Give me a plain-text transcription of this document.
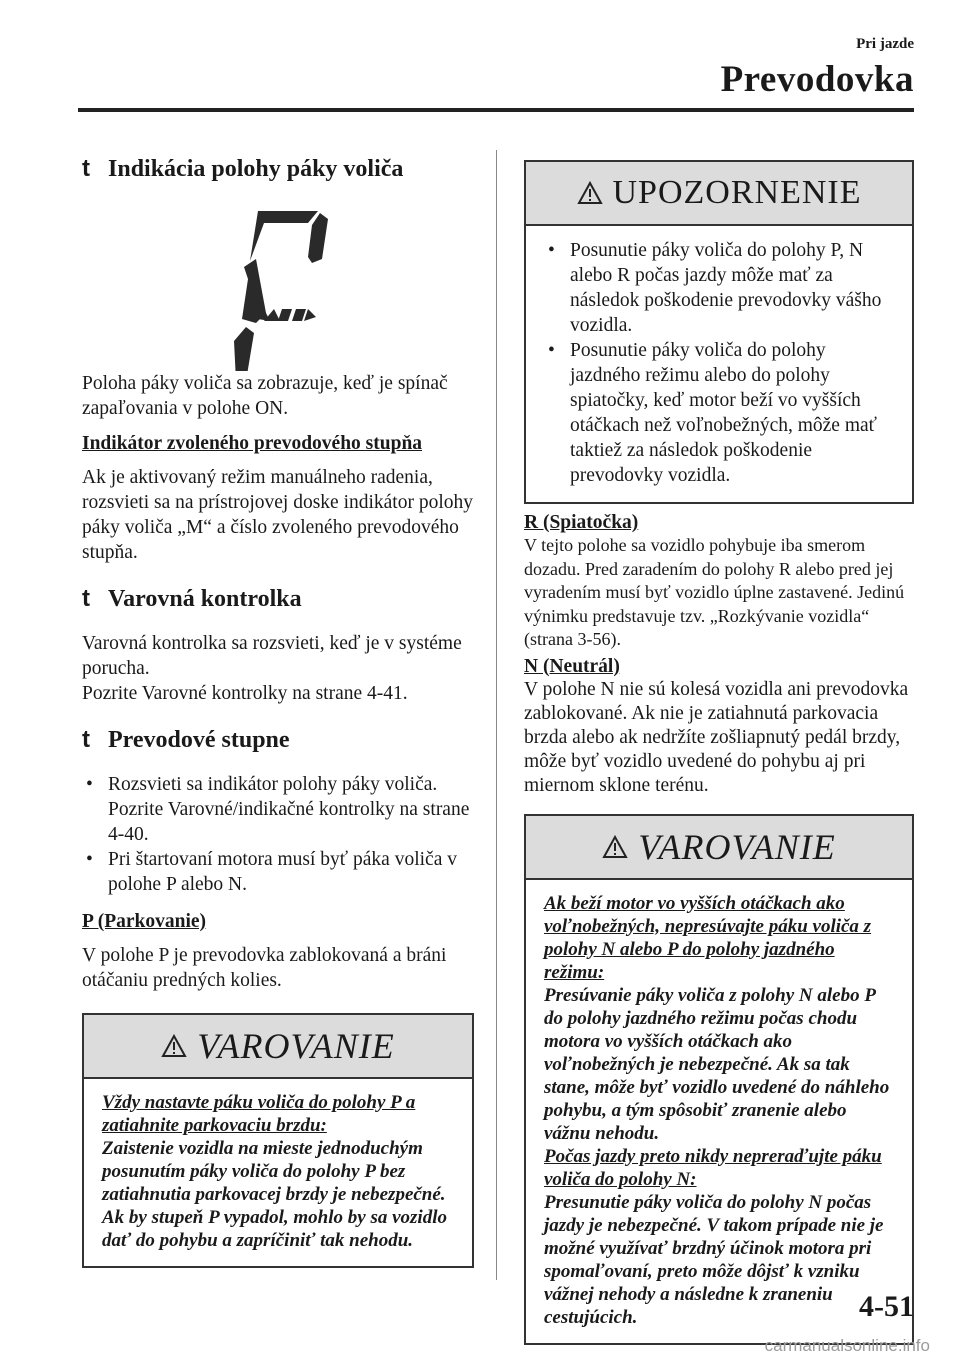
Pri jazde
Prevodovka
t Indikácia polohy páky voliča

Poloha páky voliča sa zobrazuje, keď je spínač zapaľovania v polohe ON.

Indikátor zvoleného prevodového stupňa

Ak je aktivovaný režim manuálneho radenia, rozsvieti sa na prístrojovej doske indikátor polohy páky voliča „M“ a číslo zvoleného prevodového stupňa.

t Varovná kontrolka

Varovná kontrolka sa rozsvieti, keď je v systéme porucha.

Pozrite Varovné kontrolky na strane 4-41.

t Prevodové stupne
• Rozsvieti sa indikátor polohy páky voliča. Pozrite Varovné/indikačné kontrolky na strane 4-40.
• Pri štartovaní motora musí byť páka voliča v polohe P alebo N.
P (Parkovanie)

V polohe P je prevodovka zablokovaná a bráni otáčaniu predných kolies.

VAROVANIE
Vždy nastavte páku voliča do polohy P a zatiahnite parkovaciu brzdu:
Zaistenie vozidla na mieste jednoduchým posunutím páky voliča do polohy P bez zatiahnutia parkovacej brzdy je nebezpečné. Ak by stupeň P vypadol, mohlo by sa vozidlo dať do pohybu a zapríčiniť tak nehodu.
UPOZORNENIE
• Posunutie páky voliča do polohy P, N alebo R počas jazdy môže mať za následok poškodenie prevodovky vášho vozidla.
• Posunutie páky voliča do polohy jazdného režimu alebo do polohy spiatočky, keď motor beží vo vyšších otáčkach než voľnobežných, môže mať taktiež za následok poškodenie prevodovky vozidla.
R (Spiatočka)

V tejto polohe sa vozidlo pohybuje iba smerom dozadu. Pred zaradením do polohy R alebo pred jej vyradením musí byť vozidlo úplne zastavené. Jedinú výnimku predstavuje tzv. „Rozkývanie vozidla“ (strana 3-56).

N (Neutrál)

V polohe N nie sú kolesá vozidla ani prevodovka zablokované. Ak nie je zatiahnutá parkovacia brzda alebo ak nedržíte zošliapnutý pedál brzdy, môže byť vozidlo uvedené do pohybu aj pri miernom sklone terénu.

VAROVANIE
Ak beží motor vo vyšších otáčkach ako voľnobežných, nepresúvajte páku voliča z polohy N alebo P do polohy jazdného režimu:
Presúvanie páky voliča z polohy N alebo P do polohy jazdného režimu počas chodu motora vo vyšších otáčkach ako voľnobežných je nebezpečné. Ak sa tak stane, môže byť vozidlo uvedené do náhleho pohybu, a tým spôsobiť zranenie alebo vážnu nehodu.
Počas jazdy preto nikdy neprerаďujte páku voliča do polohy N:
Presunutie páky voliča do polohy N počas jazdy je nebezpečné. V takom prípade nie je možné využívať brzdný účinok motora pri spomaľovaní, preto môže dôjsť k vzniku vážnej nehody a následne k zraneniu cestujúcich.	4-51
carmanualsonline.info
